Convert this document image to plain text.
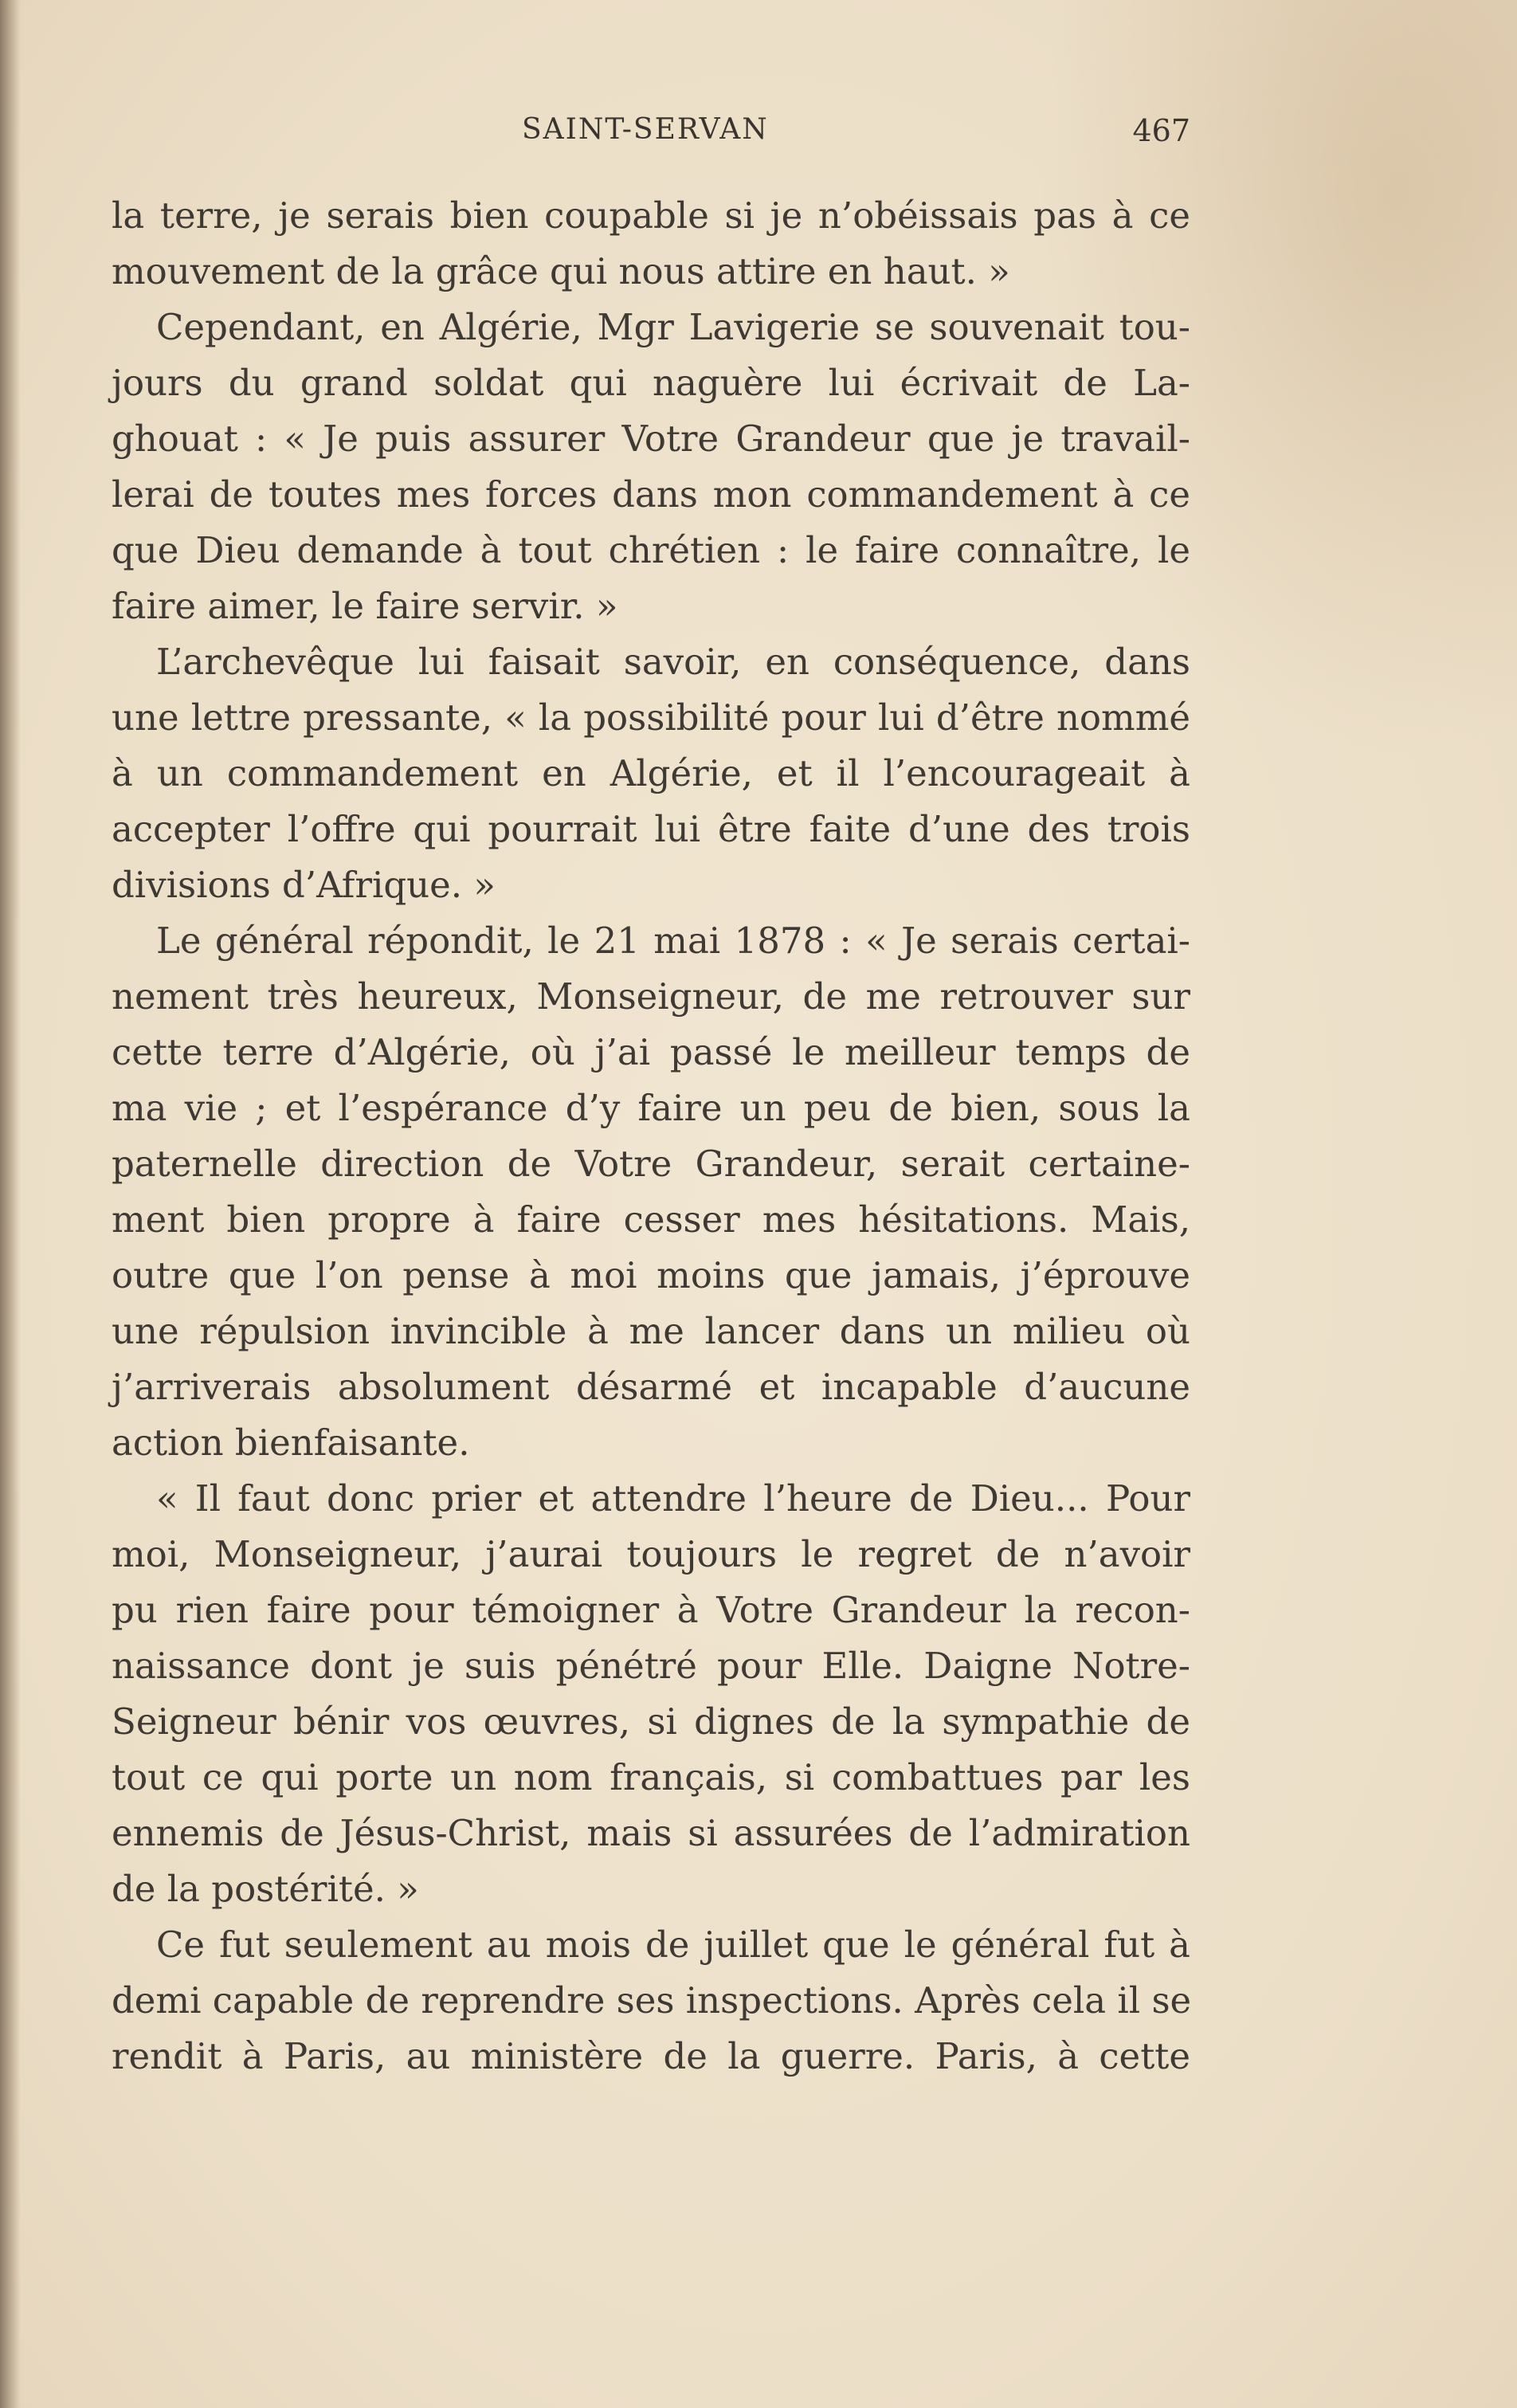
SAINT-SERVAN	467
la terre, je serais bien coupable si je n’obéissais pas à ce
mouvement de la grâce qui nous attire en haut. »
Cependant, en Algérie, Mgr Lavigerie se souvenait tou-
jours du grand soldat qui naguère lui écrivait de La-
ghouat : « Je puis assurer Votre Grandeur que je travail-
lerai de toutes mes forces dans mon commandement à ce
que Dieu demande à tout chrétien : le faire connaître, le
faire aimer, le faire servir. »
L’archevêque lui faisait savoir, en conséquence, dans
une lettre pressante, « la possibilité pour lui d’être nommé
à un commandement en Algérie, et il l’encourageait à
accepter l’offre qui pourrait lui être faite d’une des trois
divisions d’Afrique. »
Le général répondit, le 21 mai 1878 : « Je serais certai-
nement très heureux, Monseigneur, de me retrouver sur
cette terre d’Algérie, où j’ai passé le meilleur temps de
ma vie ; et l’espérance d’y faire un peu de bien, sous la
paternelle direction de Votre Grandeur, serait certaine-
ment bien propre à faire cesser mes hésitations. Mais,
outre que l’on pense à moi moins que jamais, j’éprouve
une répulsion invincible à me lancer dans un milieu où
j’arriverais absolument désarmé et incapable d’aucune
action bienfaisante.
« Il faut donc prier et attendre l’heure de Dieu... Pour
moi, Monseigneur, j’aurai toujours le regret de n’avoir
pu rien faire pour témoigner à Votre Grandeur la recon-
naissance dont je suis pénétré pour Elle. Daigne Notre-
Seigneur bénir vos œuvres, si dignes de la sympathie de
tout ce qui porte un nom français, si combattues par les
ennemis de Jésus-Christ, mais si assurées de l’admiration
de la postérité. »
Ce fut seulement au mois de juillet que le général fut à
demi capable de reprendre ses inspections. Après cela il se
rendit à Paris, au ministère de la guerre. Paris, à cette
